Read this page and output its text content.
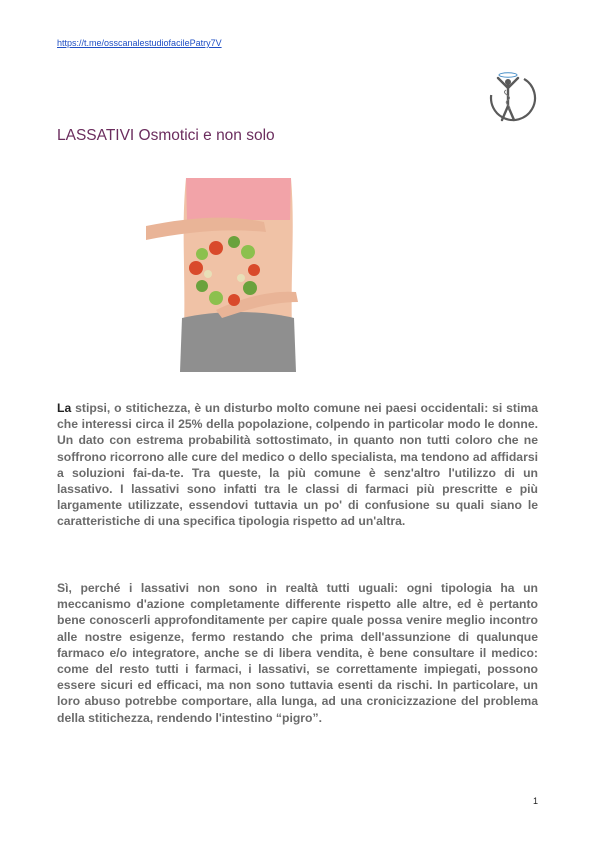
https://t.me/osscanalestudiofacilePatry7V
LASSATIVI Osmotici e non solo

La stipsi, o stitichezza, è un disturbo molto comune nei paesi occidentali: si stima che interessi circa il 25% della popolazione, colpendo in particolar modo le donne. Un dato con estrema probabilità sottostimato, in quanto non tutti coloro che ne soffrono ricorrono alle cure del medico o dello specialista, ma tendono ad affidarsi a soluzioni fai-da-te. Tra queste, la più comune è senz'altro l'utilizzo di un lassativo. I lassativi sono infatti tra le classi di farmaci più prescritte e più largamente utilizzate, essendovi tuttavia un po' di confusione su quali siano le caratteristiche di una specifica tipologia rispetto ad un'altra.

Sì, perché i lassativi non sono in realtà tutti uguali: ogni tipologia ha un meccanismo d'azione completamente differente rispetto alle altre, ed è pertanto bene conoscerli approfonditamente per capire quale possa venire meglio incontro alle nostre esigenze, fermo restando che prima dell'assunzione di qualunque farmaco e/o integratore, anche se di libera vendita, è bene consultare il medico: come del resto tutti i farmaci, i lassativi, se correttamente impiegati, possono essere sicuri ed efficaci, ma non sono tuttavia esenti da rischi. In particolare, un loro abuso potrebbe comportare, alla lunga, ad una cronicizzazione del problema della stitichezza, rendendo l'intestino “pigro”.

1
